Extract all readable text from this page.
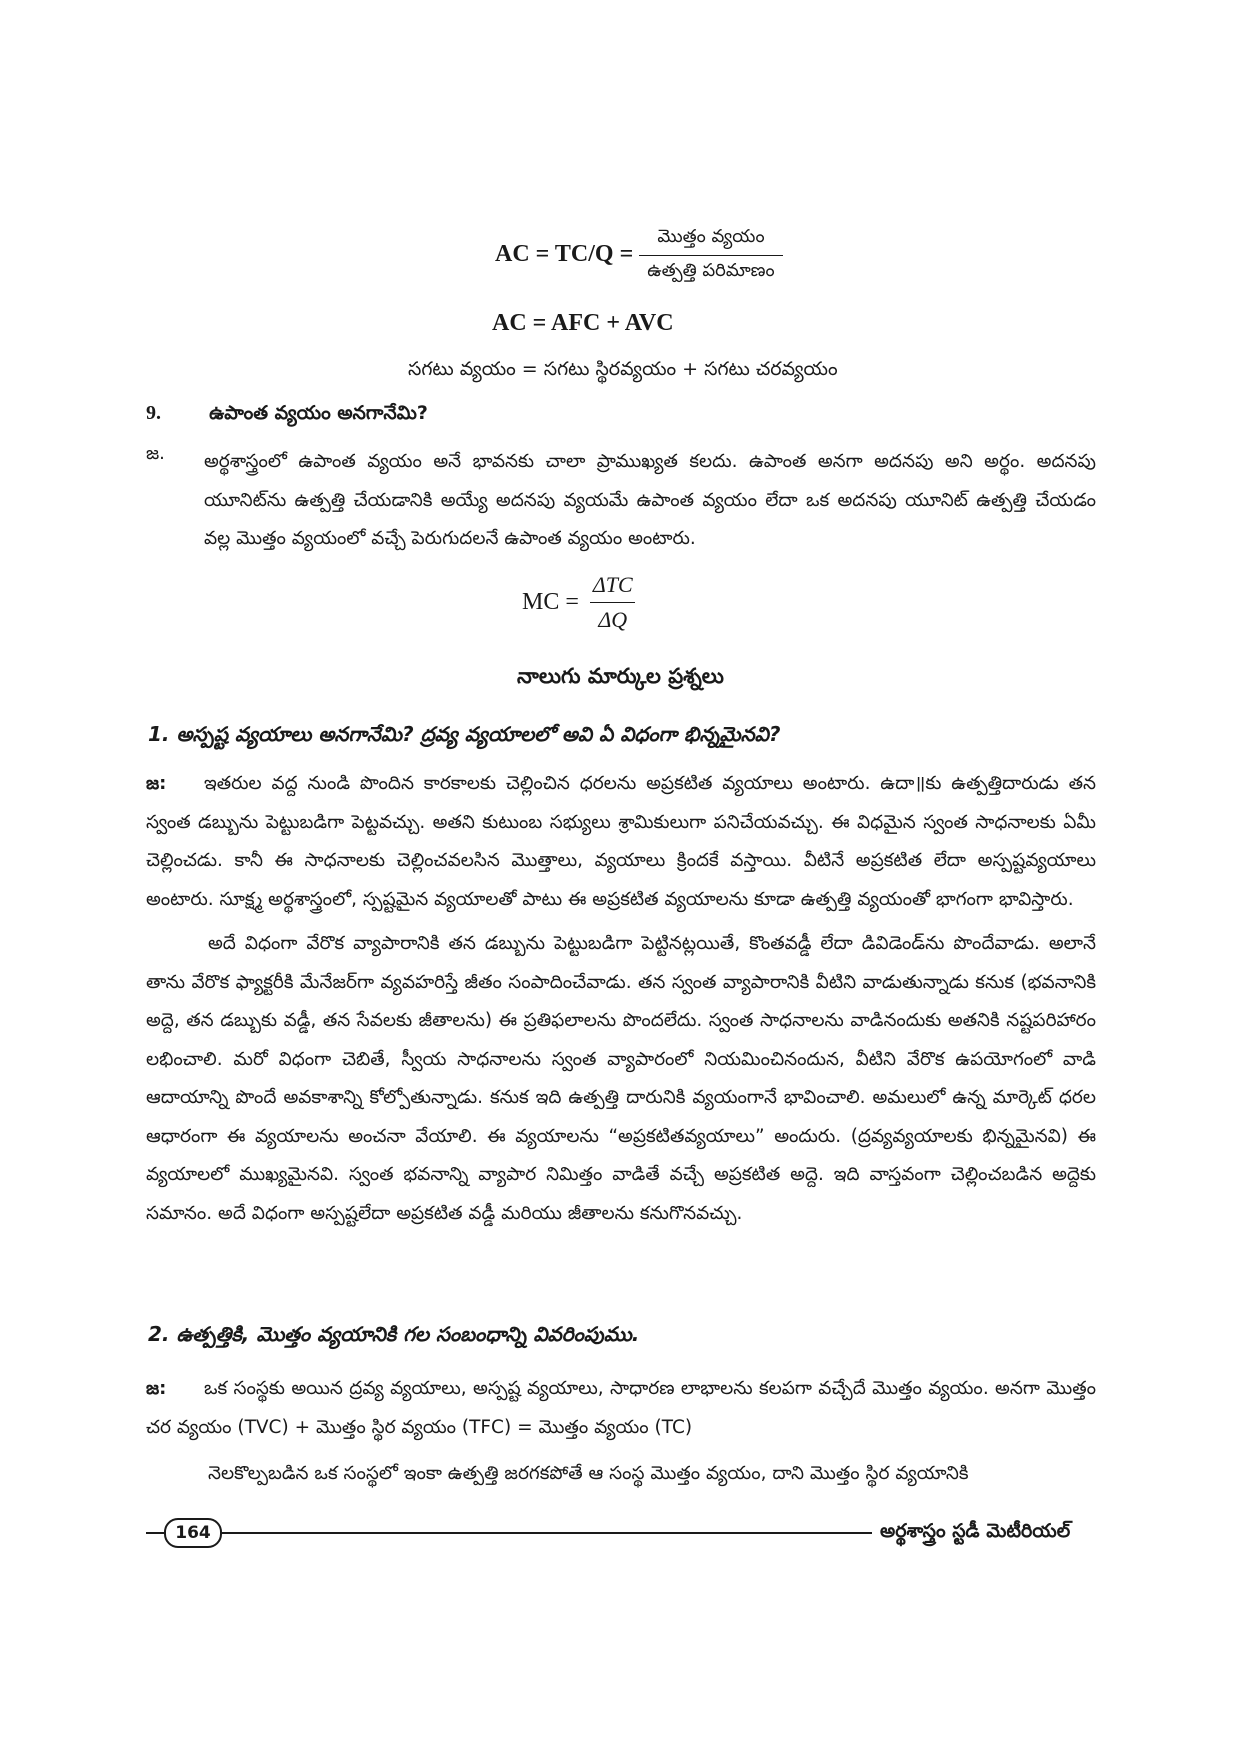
AC = $TC/Q = \frac{\text{మొత్తం వ్యయం}}{\text{ఉత్పత్తి పరిమాణం}}$
AC = AFC + AVC
సగటు వ్యయం = సగటు స్థిరవ్యయం + సగటు చరవ్యయం
9.	ఉపాంత వ్యయం అనగానేమి?
జ.	అర్థశాస్త్రంలో ఉపాంత వ్యయం అనే భావనకు చాలా ప్రాముఖ్యత కలదు. ఉపాంత అనగా అదనపు అని అర్థం. అదనపు యూనిట్‌ను ఉత్పత్తి చేయడానికి అయ్యే అదనపు వ్యయమే ఉపాంత వ్యయం లేదా ఒక అదనపు యూనిట్ ఉత్పత్తి చేయడం వల్ల మొత్తం వ్యయంలో వచ్చే పెరుగుదలనే ఉపాంత వ్యయం అంటారు.
MC = $\frac{\text{ΔTC}}{\Delta Q}$
నాలుగు మార్కుల ప్రశ్నలు
1. అస్పష్ట వ్యయాలు అనగానేమి? ద్రవ్య వ్యయాలలో అవి ఏ విధంగా భిన్నమైనవి?
జ: ఇతరుల వద్ద నుండి పొందిన కారకాలకు చెల్లించిన ధరలను అప్రకటిత వ్యయాలు అంటారు. ఉదా॥కు ఉత్పత్తిదారుడు తన స్వంత డబ్బును పెట్టుబడిగా పెట్టవచ్చు. అతని కుటుంబ సభ్యులు శ్రామికులుగా పనిచేయవచ్చు. ఈ విధమైన స్వంత సాధనాలకు ఏమీ చెల్లించడు. కానీ ఈ సాధనాలకు చెల్లించవలసిన మొత్తాలు, వ్యయాలు క్రిందకే వస్తాయి. వీటినే అప్రకటిత లేదా అస్పష్టవ్యయాలు అంటారు. సూక్ష్మ అర్థశాస్త్రంలో, స్పష్టమైన వ్యయాలతో పాటు ఈ అప్రకటిత వ్యయాలను కూడా ఉత్పత్తి వ్యయంతో భాగంగా భావిస్తారు.
అదే విధంగా వేరొక వ్యాపారానికి తన డబ్బును పెట్టుబడిగా పెట్టినట్లయితే, కొంతవడ్డీ లేదా డివిడెండ్‌ను పొందేవాడు. అలానే తాను వేరొక ఫ్యాక్టరీకి మేనేజర్‌గా వ్యవహరిస్తే జీతం సంపాదించేవాడు. తన స్వంత వ్యాపారానికి వీటిని వాడుతున్నాడు కనుక (భవనానికి అద్దె, తన డబ్బుకు వడ్డీ, తన సేవలకు జీతాలను) ఈ ప్రతిఫలాలను పొందలేదు. స్వంత సాధనాలను వాడినందుకు అతనికి నష్టపరిహారం లభించాలి. మరో విధంగా చెబితే, స్వీయ సాధనాలను స్వంత వ్యాపారంలో నియమించినందున, వీటిని వేరొక ఉపయోగంలో వాడి ఆదాయాన్ని పొందే అవకాశాన్ని కోల్పోతున్నాడు. కనుక ఇది ఉత్పత్తి దారునికి వ్యయంగానే భావించాలి. అమలులో ఉన్న మార్కెట్ ధరల ఆధారంగా ఈ వ్యయాలను అంచనా వేయాలి. ఈ వ్యయాలను “అప్రకటితవ్యయాలు” అందురు. (ద్రవ్యవ్యయాలకు భిన్నమైనవి) ఈ వ్యయాలలో ముఖ్యమైనవి. స్వంత భవనాన్ని వ్యాపార నిమిత్తం వాడితే వచ్చే అప్రకటిత అద్దె. ఇది వాస్తవంగా చెల్లించబడిన అద్దెకు సమానం. అదే విధంగా అస్పష్టలేదా అప్రకటిత వడ్డీ మరియు జీతాలను కనుగొనవచ్చు.
2. ఉత్పత్తికి, మొత్తం వ్యయానికి గల సంబంధాన్ని వివరింపుము.
జ: ఒక సంస్థకు అయిన ద్రవ్య వ్యయాలు, అస్పష్ట వ్యయాలు, సాధారణ లాభాలను కలపగా వచ్చేదే మొత్తం వ్యయం. అనగా మొత్తం చర వ్యయం (TVC) + మొత్తం స్థిర వ్యయం (TFC) = మొత్తం వ్యయం (TC)
నెలకొల్పబడిన ఒక సంస్థలో ఇంకా ఉత్పత్తి జరగకపోతే ఆ సంస్థ మొత్తం వ్యయం, దాని మొత్తం స్థిర వ్యయానికి
164	అర్థశాస్త్రం స్టడీ మెటీరియల్
